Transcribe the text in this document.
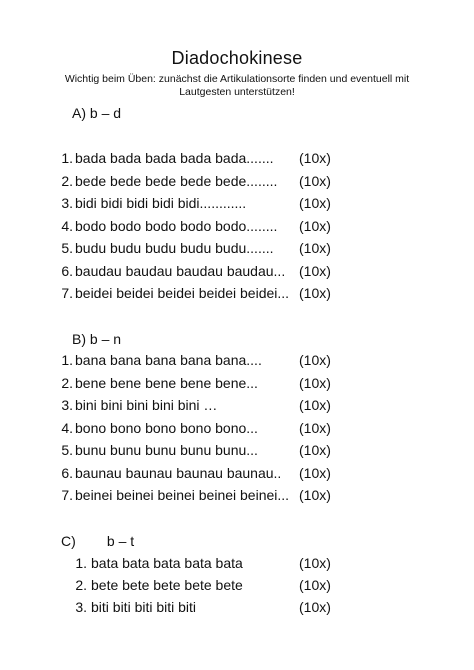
Diadochokinese
Wichtig beim Üben: zunächst die Artikulationsorte finden und eventuell mit Lautgesten unterstützen!
A) b – d
1. bada bada bada bada bada....... (10x)
2. bede bede bede bede bede........ (10x)
3. bidi bidi bidi bidi bidi............	(10x)
4. bodo bodo bodo bodo bodo........ (10x)
5. budu budu budu budu budu....... (10x)
6. baudau baudau baudau baudau... (10x)
7. beidei beidei beidei beidei beidei... (10x)
B) b – n
1. bana bana bana bana bana....	(10x)
2. bene bene bene bene bene...	(10x)
3. bini bini bini bini bini …	(10x)
4. bono bono bono bono bono...	(10x)
5. bunu bunu bunu bunu bunu...	(10x)
6. baunau baunau baunau baunau.. (10x)
7. beinei beinei beinei beinei beinei... (10x)
C)        b – t
1. bata bata bata bata bata	(10x)
2. bete bete bete bete bete	(10x)
3. biti biti biti biti biti	(10x)
